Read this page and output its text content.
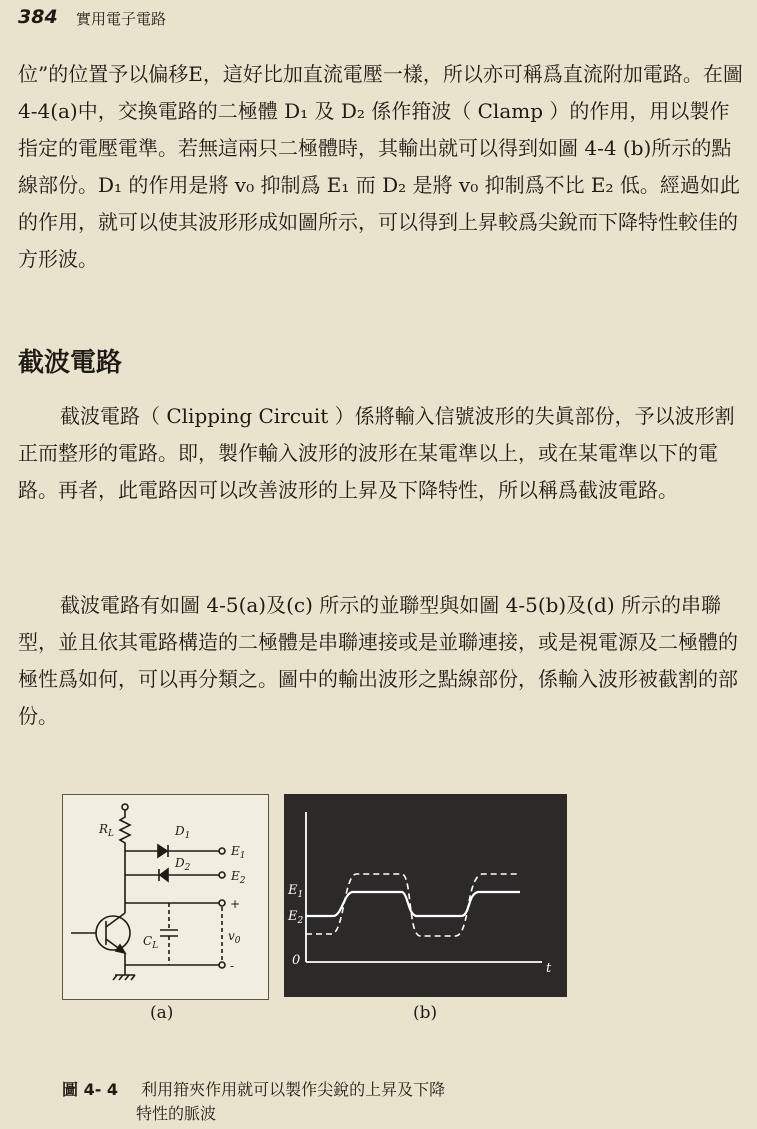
384 實用電子電路

位”的位置予以偏移E，這好比加直流電壓一樣，所以亦可稱爲直流附加電路。在圖 4-4(a)中，交換電路的二極體 D₁ 及 D₂ 係作箝波（ Clamp ）的作用，用以製作指定的電壓電準。若無這兩只二極體時，其輸出就可以得到如圖 4-4 (b)所示的點線部份。D₁ 的作用是將 v₀ 抑制爲 E₁ 而 D₂ 是將 v₀ 抑制爲不比 E₂ 低。經過如此的作用，就可以使其波形形成如圖所示，可以得到上昇較爲尖銳而下降特性較佳的方形波。

截波電路

截波電路（ Clipping Circuit ）係將輸入信號波形的失眞部份，予以波形割正而整形的電路。即，製作輸入波形的波形在某電準以上，或在某電準以下的電路。再者，此電路因可以改善波形的上昇及下降特性，所以稱爲截波電路。

截波電路有如圖 4-5(a)及(c) 所示的並聯型與如圖 4-5(b)及(d) 所示的串聯型，並且依其電路構造的二極體是串聯連接或是並聯連接，或是視電源及二極體的極性爲如何，可以再分類之。圖中的輸出波形之點線部份，係輸入波形被截割的部份。

$R_L$	$D_1$
$D_2$
$E_1$
$E_2$
$C_L$
$v_0$
+
-
$E_1$
$E_2$
0
t
(a)	(b)
圖 4- 4 利用箝夾作用就可以製作尖銳的上昇及下降
特性的脈波
